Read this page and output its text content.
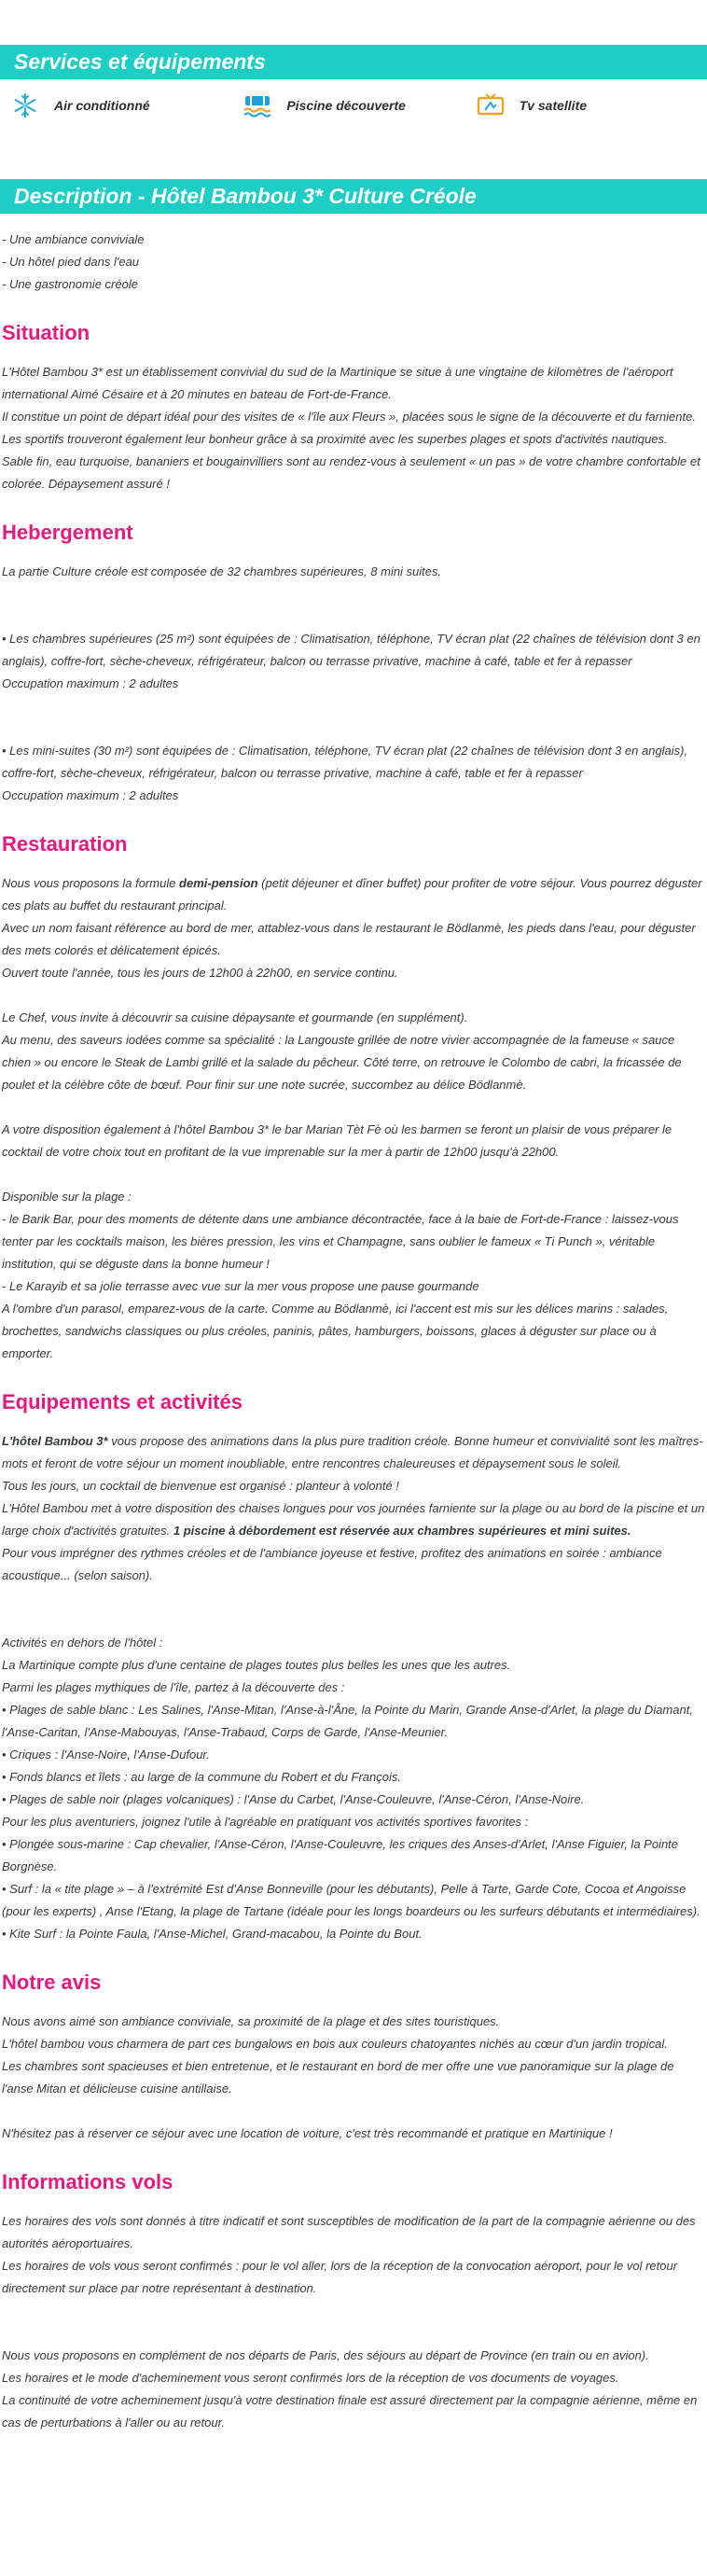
Services et équipements
Air conditionné	Piscine découverte	Tv satellite
Description - Hôtel Bambou 3* Culture Créole

- Une ambiance conviviale

- Un hôtel pied dans l'eau

- Une gastronomie créole

Situation

L'Hôtel Bambou 3* est un établissement convivial du sud de la Martinique se situe à une vingtaine de kilomètres de l'aéroport international Aimé Césaire et à 20 minutes en bateau de Fort-de-France.

Il constitue un point de départ idéal pour des visites de « l'île aux Fleurs », placées sous le signe de la découverte et du farniente. Les sportifs trouveront également leur bonheur grâce à sa proximité avec les superbes plages et spots d'activités nautiques.

Sable fin, eau turquoise, bananiers et bougainvilliers sont au rendez-vous à seulement « un pas » de votre chambre confortable et colorée. Dépaysement assuré !

Hebergement

La partie Culture créole est composée de 32 chambres supérieures, 8 mini suites.

• Les chambres supérieures (25 m²) sont équipées de : Climatisation, téléphone, TV écran plat (22 chaînes de télévision dont 3 en anglais), coffre-fort, sèche-cheveux, réfrigérateur, balcon ou terrasse privative, machine à café, table et fer à repasser

Occupation maximum : 2 adultes

• Les mini-suites (30 m²) sont équipées de : Climatisation, téléphone, TV écran plat (22 chaînes de télévision dont 3 en anglais), coffre-fort, sèche-cheveux, réfrigérateur, balcon ou terrasse privative, machine à café, table et fer à repasser

Occupation maximum : 2 adultes

Restauration

Nous vous proposons la formule demi-pension (petit déjeuner et dîner buffet) pour profiter de votre séjour. Vous pourrez déguster ces plats au buffet du restaurant principal.

Avec un nom faisant référence au bord de mer, attablez-vous dans le restaurant le Bödlanmè, les pieds dans l'eau, pour déguster des mets colorés et délicatement épicés.

Ouvert toute l'année, tous les jours de 12h00 à 22h00, en service continu.

Le Chef, vous invite à découvrir sa cuisine dépaysante et gourmande (en supplément).

Au menu, des saveurs iodées comme sa spécialité : la Langouste grillée de notre vivier accompagnée de la fameuse « sauce chien » ou encore le Steak de Lambi grillé et la salade du pêcheur. Côté terre, on retrouve le Colombo de cabri, la fricassée de poulet et la célèbre côte de bœuf. Pour finir sur une note sucrée, succombez au délice Bödlanmè.

A votre disposition également à l'hôtel Bambou 3* le bar Marian Tèt Fè où les barmen se feront un plaisir de vous préparer le cocktail de votre choix tout en profitant de la vue imprenable sur la mer à partir de 12h00 jusqu'à 22h00.

Disponible sur la plage :

- le Barik Bar, pour des moments de détente dans une ambiance décontractée, face à la baie de Fort-de-France : laissez-vous tenter par les cocktails maison, les bières pression, les vins et Champagne, sans oublier le fameux « Ti Punch », véritable institution, qui se déguste dans la bonne humeur !

- Le Karayib et sa jolie terrasse avec vue sur la mer vous propose une pause gourmande

A l'ombre d'un parasol, emparez-vous de la carte. Comme au Bödlanmè, ici l'accent est mis sur les délices marins : salades, brochettes, sandwichs classiques ou plus créoles, paninis, pâtes, hamburgers, boissons, glaces à déguster sur place ou à emporter.

Equipements et activités

L'hôtel Bambou 3* vous propose des animations dans la plus pure tradition créole. Bonne humeur et convivialité sont les maîtres-mots et feront de votre séjour un moment inoubliable, entre rencontres chaleureuses et dépaysement sous le soleil.

Tous les jours, un cocktail de bienvenue est organisé : planteur à volonté !

L'Hôtel Bambou met à votre disposition des chaises longues pour vos journées farniente sur la plage ou au bord de la piscine et un large choix d'activités gratuites. 1 piscine à débordement est réservée aux chambres supérieures et mini suites.

Pour vous imprégner des rythmes créoles et de l'ambiance joyeuse et festive, profitez des animations en soirée : ambiance acoustique... (selon saison).

Activités en dehors de l'hôtel :

La Martinique compte plus d'une centaine de plages toutes plus belles les unes que les autres.

Parmi les plages mythiques de l'île, partez à la découverte des :

• Plages de sable blanc : Les Salines, l'Anse-Mitan, l'Anse-à-l'Âne, la Pointe du Marin, Grande Anse-d'Arlet, la plage du Diamant, l'Anse-Caritan, l'Anse-Mabouyas, l'Anse-Trabaud, Corps de Garde, l'Anse-Meunier.

• Criques : l'Anse-Noire, l'Anse-Dufour.

• Fonds blancs et îlets : au large de la commune du Robert et du François.

• Plages de sable noir (plages volcaniques) : l'Anse du Carbet, l'Anse-Couleuvre, l'Anse-Céron, l'Anse-Noire.

Pour les plus aventuriers, joignez l'utile à l'agréable en pratiquant vos activités sportives favorites :

• Plongée sous-marine : Cap chevalier, l'Anse-Céron, l'Anse-Couleuvre, les criques des Anses-d'Arlet, l'Anse Figuier, la Pointe Borgnèse.

• Surf : la « tite plage » – à l'extrémité Est d'Anse Bonneville (pour les débutants), Pelle à Tarte, Garde Cote, Cocoa et Angoisse (pour les experts) , Anse l'Etang, la plage de Tartane (idéale pour les longs boardeurs ou les surfeurs débutants et intermédiaires).

• Kite Surf : la Pointe Faula, l'Anse-Michel, Grand-macabou, la Pointe du Bout.

Notre avis

Nous avons aimé son ambiance conviviale, sa proximité de la plage et des sites touristiques.

L'hôtel bambou vous charmera de part ces bungalows en bois aux couleurs chatoyantes nichés au cœur d'un jardin tropical.

Les chambres sont spacieuses et bien entretenue, et le restaurant en bord de mer offre une vue panoramique sur la plage de l'anse Mitan et délicieuse cuisine antillaise.

N'hésitez pas à réserver ce séjour avec une location de voiture, c'est très recommandé et pratique en Martinique !

Informations vols

Les horaires des vols sont donnés à titre indicatif et sont susceptibles de modification de la part de la compagnie aérienne ou des autorités aéroportuaires.

Les horaires de vols vous seront confirmés : pour le vol aller, lors de la réception de la convocation aéroport, pour le vol retour directement sur place par notre représentant à destination.

Nous vous proposons en complément de nos départs de Paris, des séjours au départ de Province (en train ou en avion).

Les horaires et le mode d'acheminement vous seront confirmés lors de la réception de vos documents de voyages.

La continuité de votre acheminement jusqu'à votre destination finale est assuré directement par la compagnie aérienne, même en cas de perturbations à l'aller ou au retour.
